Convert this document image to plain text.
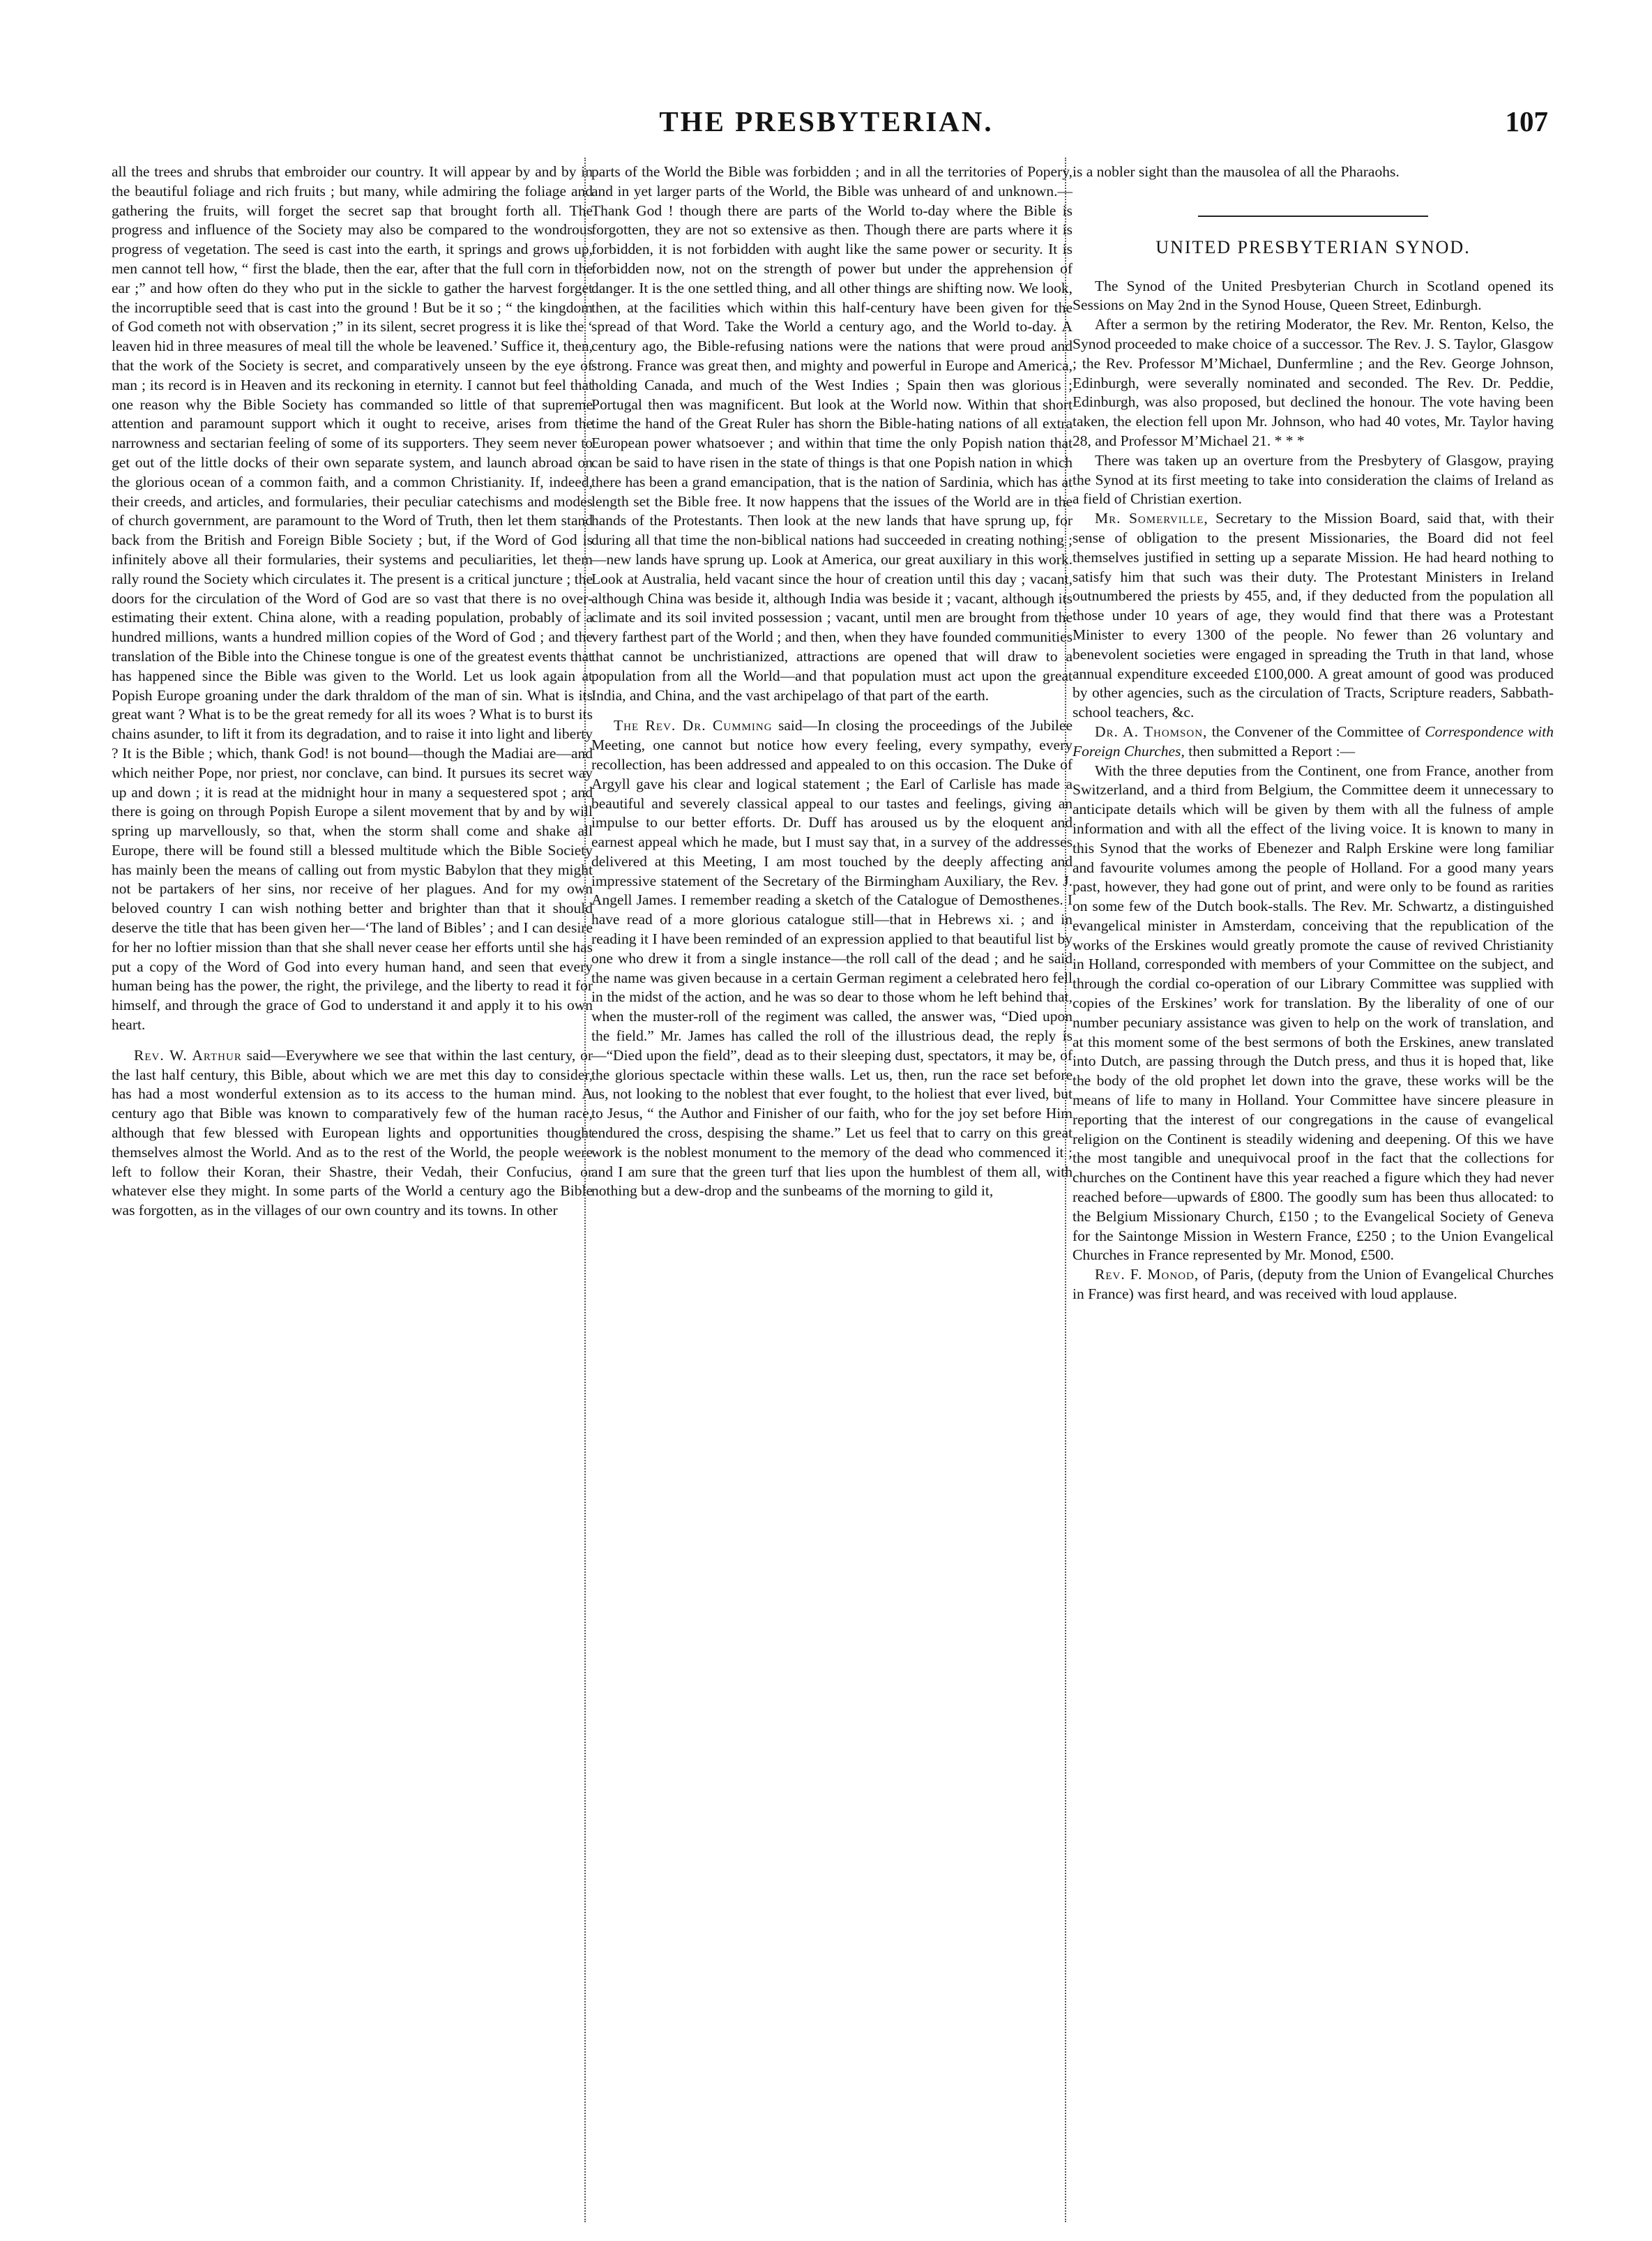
THE PRESBYTERIAN.	107

all the trees and shrubs that embroider our country. It will appear by and by in the beautiful foliage and rich fruits ; but many, while admiring the foliage and gathering the fruits, will forget the secret sap that brought forth all. The progress and influence of the Society may also be compared to the wondrous progress of vegetation. The seed is cast into the earth, it springs and grows up, men cannot tell how, “ first the blade, then the ear, after that the full corn in the ear ;” and how often do they who put in the sickle to gather the harvest forget the incorruptible seed that is cast into the ground ! But be it so ; “ the kingdom of God cometh not with observation ;” in its silent, secret progress it is like the ‘ leaven hid in three measures of meal till the whole be leavened.’ Suffice it, then, that the work of the Society is secret, and comparatively unseen by the eye of man ; its record is in Heaven and its reckoning in eternity. I cannot but feel that one reason why the Bible Society has commanded so little of that supreme attention and paramount support which it ought to receive, arises from the narrowness and sectarian feeling of some of its supporters. They seem never to get out of the little docks of their own separate system, and launch abroad on the glorious ocean of a common faith, and a common Christianity. If, indeed, their creeds, and articles, and formularies, their peculiar catechisms and modes of church government, are paramount to the Word of Truth, then let them stand back from the British and Foreign Bible Society ; but, if the Word of God is infinitely above all their formularies, their systems and peculiarities, let them rally round the Society which circulates it. The present is a critical juncture ; the doors for the circulation of the Word of God are so vast that there is no over-estimating their extent. China alone, with a reading population, probably of a hundred millions, wants a hundred million copies of the Word of God ; and the translation of the Bible into the Chinese tongue is one of the greatest events that has happened since the Bible was given to the World. Let us look again at Popish Europe groaning under the dark thraldom of the man of sin. What is its great want ? What is to be the great remedy for all its woes ? What is to burst its chains asunder, to lift it from its degradation, and to raise it into light and liberty ? It is the Bible ; which, thank God! is not bound—though the Madiai are—and which neither Pope, nor priest, nor conclave, can bind. It pursues its secret way up and down ; it is read at the midnight hour in many a sequestered spot ; and there is going on through Popish Europe a silent movement that by and by will spring up marvellously, so that, when the storm shall come and shake all Europe, there will be found still a blessed multitude which the Bible Society has mainly been the means of calling out from mystic Babylon that they might not be partakers of her sins, nor receive of her plagues. And for my own beloved country I can wish nothing better and brighter than that it should deserve the title that has been given her—‘The land of Bibles’ ; and I can desire for her no loftier mission than that she shall never cease her efforts until she has put a copy of the Word of God into every human hand, and seen that every human being has the power, the right, the privilege, and the liberty to read it for himself, and through the grace of God to understand it and apply it to his own heart.

Rev. W. Arthur said—Everywhere we see that within the last century, or the last half century, this Bible, about which we are met this day to consider, has had a most wonderful extension as to its access to the human mind. A century ago that Bible was known to comparatively few of the human race, although that few blessed with European lights and opportunities thought themselves almost the World. And as to the rest of the World, the people were left to follow their Koran, their Shastre, their Vedah, their Confucius, or whatever else they might. In some parts of the World a century ago the Bible was forgotten, as in the villages of our own country and its towns. In other

parts of the World the Bible was forbidden ; and in all the territories of Popery, and in yet larger parts of the World, the Bible was unheard of and unknown.—Thank God ! though there are parts of the World to-day where the Bible is forgotten, they are not so extensive as then. Though there are parts where it is forbidden, it is not forbidden with aught like the same power or security. It is forbidden now, not on the strength of power but under the apprehension of danger. It is the one settled thing, and all other things are shifting now. We look, then, at the facilities which within this half-century have been given for the spread of that Word. Take the World a century ago, and the World to-day. A century ago, the Bible-refusing nations were the nations that were proud and strong. France was great then, and mighty and powerful in Europe and America, holding Canada, and much of the West Indies ; Spain then was glorious ; Portugal then was magnificent. But look at the World now. Within that short time the hand of the Great Ruler has shorn the Bible-hating nations of all extra European power whatsoever ; and within that time the only Popish nation that can be said to have risen in the state of things is that one Popish nation in which there has been a grand emancipation, that is the nation of Sardinia, which has at length set the Bible free. It now happens that the issues of the World are in the hands of the Protestants. Then look at the new lands that have sprung up, for during all that time the non-biblical nations had succeeded in creating nothing ;—new lands have sprung up. Look at America, our great auxiliary in this work. Look at Australia, held vacant since the hour of creation until this day ; vacant, although China was beside it, although India was beside it ; vacant, although its climate and its soil invited possession ; vacant, until men are brought from the very farthest part of the World ; and then, when they have founded communities that cannot be unchristianized, attractions are opened that will draw to a population from all the World—and that population must act upon the great India, and China, and the vast archipelago of that part of the earth.

The Rev. Dr. Cumming said—In closing the proceedings of the Jubilee Meeting, one cannot but notice how every feeling, every sympathy, every recollection, has been addressed and appealed to on this occasion. The Duke of Argyll gave his clear and logical statement ; the Earl of Carlisle has made a beautiful and severely classical appeal to our tastes and feelings, giving an impulse to our better efforts. Dr. Duff has aroused us by the eloquent and earnest appeal which he made, but I must say that, in a survey of the addresses delivered at this Meeting, I am most touched by the deeply affecting and impressive statement of the Secretary of the Birmingham Auxiliary, the Rev. J. Angell James. I remember reading a sketch of the Catalogue of Demosthenes. I have read of a more glorious catalogue still—that in Hebrews xi. ; and in reading it I have been reminded of an expression applied to that beautiful list by one who drew it from a single instance—the roll call of the dead ; and he said the name was given because in a certain German regiment a celebrated hero fell in the midst of the action, and he was so dear to those whom he left behind that, when the muster-roll of the regiment was called, the answer was, “Died upon the field.” Mr. James has called the roll of the illustrious dead, the reply is—“Died upon the field”, dead as to their sleeping dust, spectators, it may be, of the glorious spectacle within these walls. Let us, then, run the race set before us, not looking to the noblest that ever fought, to the holiest that ever lived, but to Jesus, “ the Author and Finisher of our faith, who for the joy set before Him endured the cross, despising the shame.” Let us feel that to carry on this great work is the noblest monument to the memory of the dead who commenced it ; and I am sure that the green turf that lies upon the humblest of them all, with nothing but a dew-drop and the sunbeams of the morning to gild it,

is a nobler sight than the mausolea of all the Pharaohs.

UNITED PRESBYTERIAN SYNOD.

The Synod of the United Presbyterian Church in Scotland opened its Sessions on May 2nd in the Synod House, Queen Street, Edinburgh.

After a sermon by the retiring Moderator, the Rev. Mr. Renton, Kelso, the Synod proceeded to make choice of a successor. The Rev. J. S. Taylor, Glasgow ; the Rev. Professor M’Michael, Dunfermline ; and the Rev. George Johnson, Edinburgh, were severally nominated and seconded. The Rev. Dr. Peddie, Edinburgh, was also proposed, but declined the honour. The vote having been taken, the election fell upon Mr. Johnson, who had 40 votes, Mr. Taylor having 28, and Professor M’Michael 21. * * *

There was taken up an overture from the Presbytery of Glasgow, praying the Synod at its first meeting to take into consideration the claims of Ireland as a field of Christian exertion.

Mr. Somerville, Secretary to the Mission Board, said that, with their sense of obligation to the present Missionaries, the Board did not feel themselves justified in setting up a separate Mission. He had heard nothing to satisfy him that such was their duty. The Protestant Ministers in Ireland outnumbered the priests by 455, and, if they deducted from the population all those under 10 years of age, they would find that there was a Protestant Minister to every 1300 of the people. No fewer than 26 voluntary and benevolent societies were engaged in spreading the Truth in that land, whose annual expenditure exceeded £100,000. A great amount of good was produced by other agencies, such as the circulation of Tracts, Scripture readers, Sabbath-school teachers, &c.

Dr. A. Thomson, the Convener of the Committee of Correspondence with Foreign Churches, then submitted a Report :—

With the three deputies from the Continent, one from France, another from Switzerland, and a third from Belgium, the Committee deem it unnecessary to anticipate details which will be given by them with all the fulness of ample information and with all the effect of the living voice. It is known to many in this Synod that the works of Ebenezer and Ralph Erskine were long familiar and favourite volumes among the people of Holland. For a good many years past, however, they had gone out of print, and were only to be found as rarities on some few of the Dutch book-stalls. The Rev. Mr. Schwartz, a distinguished evangelical minister in Amsterdam, conceiving that the republication of the works of the Erskines would greatly promote the cause of revived Christianity in Holland, corresponded with members of your Committee on the subject, and through the cordial co-operation of our Library Committee was supplied with copies of the Erskines’ work for translation. By the liberality of one of our number pecuniary assistance was given to help on the work of translation, and at this moment some of the best sermons of both the Erskines, anew translated into Dutch, are passing through the Dutch press, and thus it is hoped that, like the body of the old prophet let down into the grave, these works will be the means of life to many in Holland. Your Committee have sincere pleasure in reporting that the interest of our congregations in the cause of evangelical religion on the Continent is steadily widening and deepening. Of this we have the most tangible and unequivocal proof in the fact that the collections for churches on the Continent have this year reached a figure which they had never reached before—upwards of £800. The goodly sum has been thus allocated: to the Belgium Missionary Church, £150 ; to the Evangelical Society of Geneva for the Saintonge Mission in Western France, £250 ; to the Union Evangelical Churches in France represented by Mr. Monod, £500.

Rev. F. Monod, of Paris, (deputy from the Union of Evangelical Churches in France) was first heard, and was received with loud applause.
